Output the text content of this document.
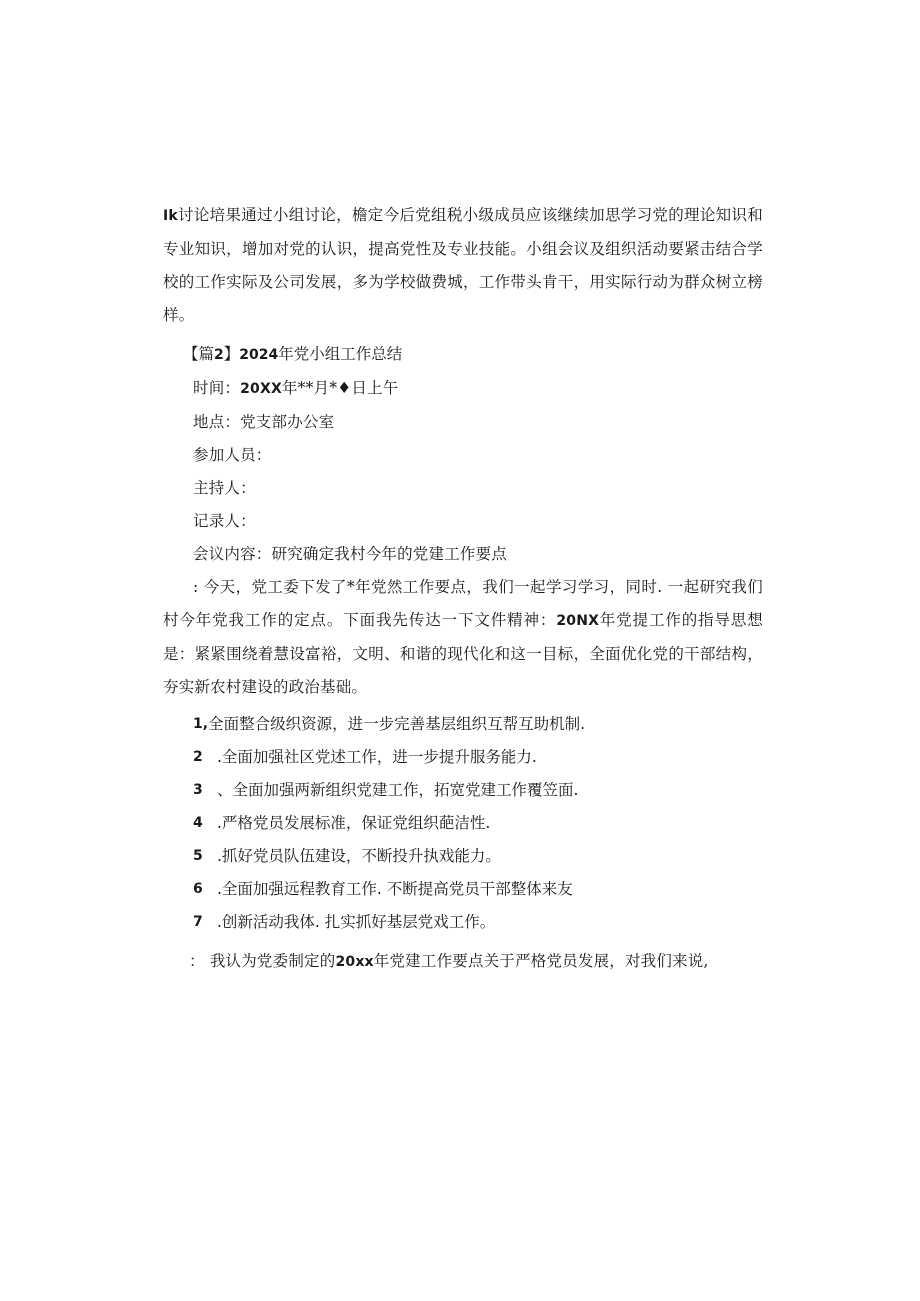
Ik讨论培果通过小组讨论，檐定今后党组税小级成员应该继续加思学习党的理论知识和专业知识，增加对党的认识，提高党性及专业技能。小组会议及组织活动要紧击结合学校的工作实际及公司发展，多为学校做费城，工作带头肯干，用实际行动为群众树立榜样。

【篇2】2024年党小组工作总结
时间：20XX年**月*♦日上午
地点：党支部办公室
参加人员：
主持人：
记录人：
会议内容：研究确定我村今年的党建工作要点

: 今天，党工委下发了*年党然工作要点，我们一起学习学习，同时. 一起研究我们村今年党我工作的定点。下面我先传达一下文件精神：20NX年党提工作的指导思想是：紧紧围绕着慧设富裕，文明、和谐的现代化和这一目标，全面优化党的干部结构，夯实新农村建设的政治基础。

1, 全面整合级织资源，进一步完善基层组织互帮互助机制.
2 .全面加强社区党述工作，进一步提升服务能力.
3 、全面加强两新组织党建工作，拓宽党建工作覆笠面.
4 .严格党员发展标准，保证党组织葩洁性.
5 .抓好党员队伍建设，不断投升执戏能力。
6 .全面加强远程教育工作. 不断提高党员干部整体来友
7 .创新活动我体. 扎实抓好基层党戏工作。
： 我认为党委制定的20xx年党建工作要点关于严格党员发展，对我们来说,
